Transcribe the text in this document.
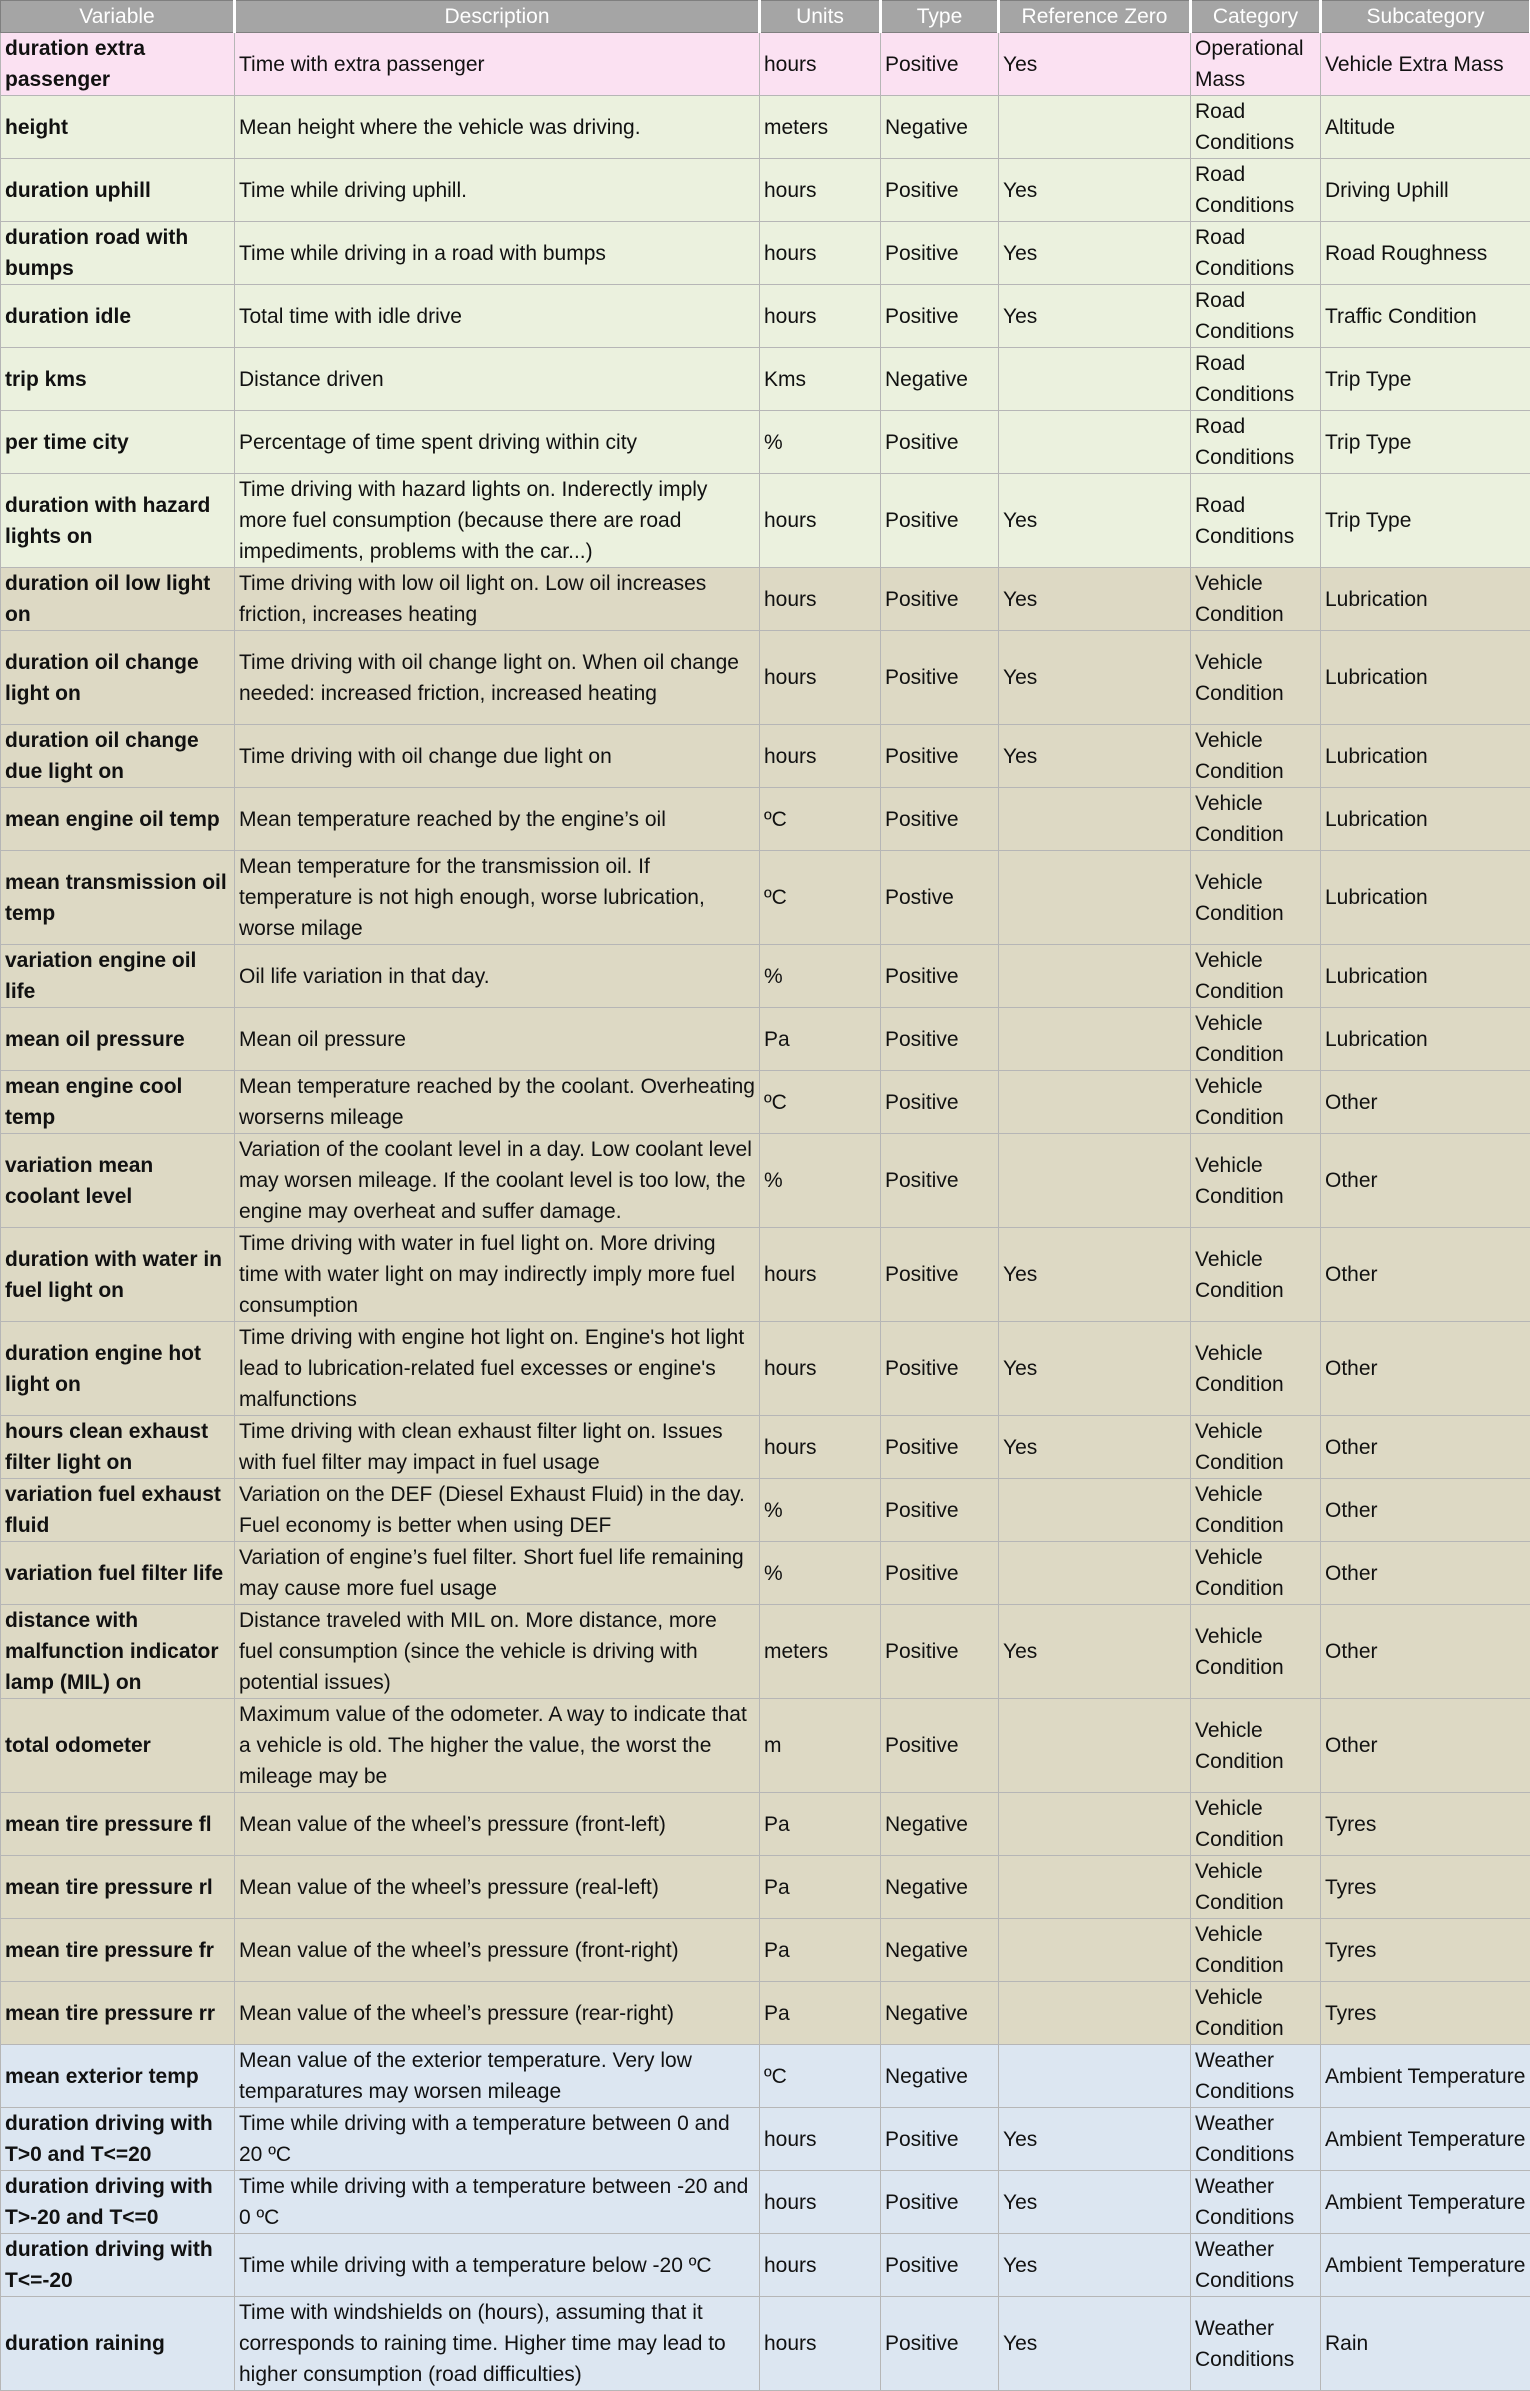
Variable	Description	Units	Type	Reference Zero	Category	Subcategory
duration extra passenger	Time with extra passenger	hours	Positive	Yes	Operational Mass	Vehicle Extra Mass
height	Mean height where the vehicle was driving.	meters	Negative		Road Conditions	Altitude
duration uphill	Time while driving uphill.	hours	Positive	Yes	Road Conditions	Driving Uphill
duration road with bumps	Time while driving in a road with bumps	hours	Positive	Yes	Road Conditions	Road Roughness
duration idle	Total time with idle drive	hours	Positive	Yes	Road Conditions	Traffic Condition
trip kms	Distance driven	Kms	Negative		Road Conditions	Trip Type
per time city	Percentage of time spent driving within city	%	Positive		Road Conditions	Trip Type
duration with hazard lights on	Time driving with hazard lights on. Inderectly imply more fuel consumption (because there are road impediments, problems with the car...)	hours	Positive	Yes	Road Conditions	Trip Type
duration oil low light on	Time driving with low oil light on. Low oil increases friction, increases heating	hours	Positive	Yes	Vehicle Condition	Lubrication
duration oil change light on	Time driving with oil change light on. When oil change needed: increased friction, increased heating	hours	Positive	Yes	Vehicle Condition	Lubrication
duration oil change due light on	Time driving with oil change due light on	hours	Positive	Yes	Vehicle Condition	Lubrication
mean engine oil temp	Mean temperature reached by the engine’s oil	ºC	Positive		Vehicle Condition	Lubrication
mean transmission oil temp	Mean temperature for the transmission oil. If temperature is not high enough, worse lubrication, worse milage	ºC	Postive		Vehicle Condition	Lubrication
variation engine oil life	Oil life variation in that day.	%	Positive		Vehicle Condition	Lubrication
mean oil pressure	Mean oil pressure	Pa	Positive		Vehicle Condition	Lubrication
mean engine cool temp	Mean temperature reached by the coolant. Overheating worserns mileage	ºC	Positive		Vehicle Condition	Other
variation mean coolant level	Variation of the coolant level in a day. Low coolant level may worsen mileage. If the coolant level is too low, the engine may overheat and suffer damage.	%	Positive		Vehicle Condition	Other
duration with water in fuel light on	Time driving with water in fuel light on. More driving time with water light on may indirectly imply more fuel consumption	hours	Positive	Yes	Vehicle Condition	Other
duration engine hot light on	Time driving with engine hot light on. Engine's hot light lead to lubrication-related fuel excesses or engine's malfunctions	hours	Positive	Yes	Vehicle Condition	Other
hours clean exhaust filter light on	Time driving with clean exhaust filter light on. Issues with fuel filter may impact in fuel usage	hours	Positive	Yes	Vehicle Condition	Other
variation fuel exhaust fluid	Variation on the DEF (Diesel Exhaust Fluid) in the day. Fuel economy is better when using DEF	%	Positive		Vehicle Condition	Other
variation fuel filter life	Variation of engine’s fuel filter. Short fuel life remaining may cause more fuel usage	%	Positive		Vehicle Condition	Other
distance with malfunction indicator lamp (MIL) on	Distance traveled with MIL on. More distance, more fuel consumption (since the vehicle is driving with potential issues)	meters	Positive	Yes	Vehicle Condition	Other
total odometer	Maximum value of the odometer. A way to indicate that a vehicle is old. The higher the value, the worst the mileage may be	m	Positive		Vehicle Condition	Other
mean tire pressure fl	Mean value of the wheel’s pressure (front-left)	Pa	Negative		Vehicle Condition	Tyres
mean tire pressure rl	Mean value of the wheel’s pressure (real-left)	Pa	Negative		Vehicle Condition	Tyres
mean tire pressure fr	Mean value of the wheel’s pressure (front-right)	Pa	Negative		Vehicle Condition	Tyres
mean tire pressure rr	Mean value of the wheel’s pressure (rear-right)	Pa	Negative		Vehicle Condition	Tyres
mean exterior temp	Mean value of the exterior temperature. Very low temparatures may worsen mileage	ºC	Negative		Weather Conditions	Ambient Temperature
duration driving with T>0 and T<=20	Time while driving with a temperature between 0 and 20 ºC	hours	Positive	Yes	Weather Conditions	Ambient Temperature
duration driving with T>-20 and T<=0	Time while driving with a temperature between -20 and 0 ºC	hours	Positive	Yes	Weather Conditions	Ambient Temperature
duration driving with T<=-20	Time while driving with a temperature below -20 ºC	hours	Positive	Yes	Weather Conditions	Ambient Temperature
duration raining	Time with windshields on (hours), assuming that it corresponds to raining time. Higher time may lead to higher consumption (road difficulties)	hours	Positive	Yes	Weather Conditions	Rain
